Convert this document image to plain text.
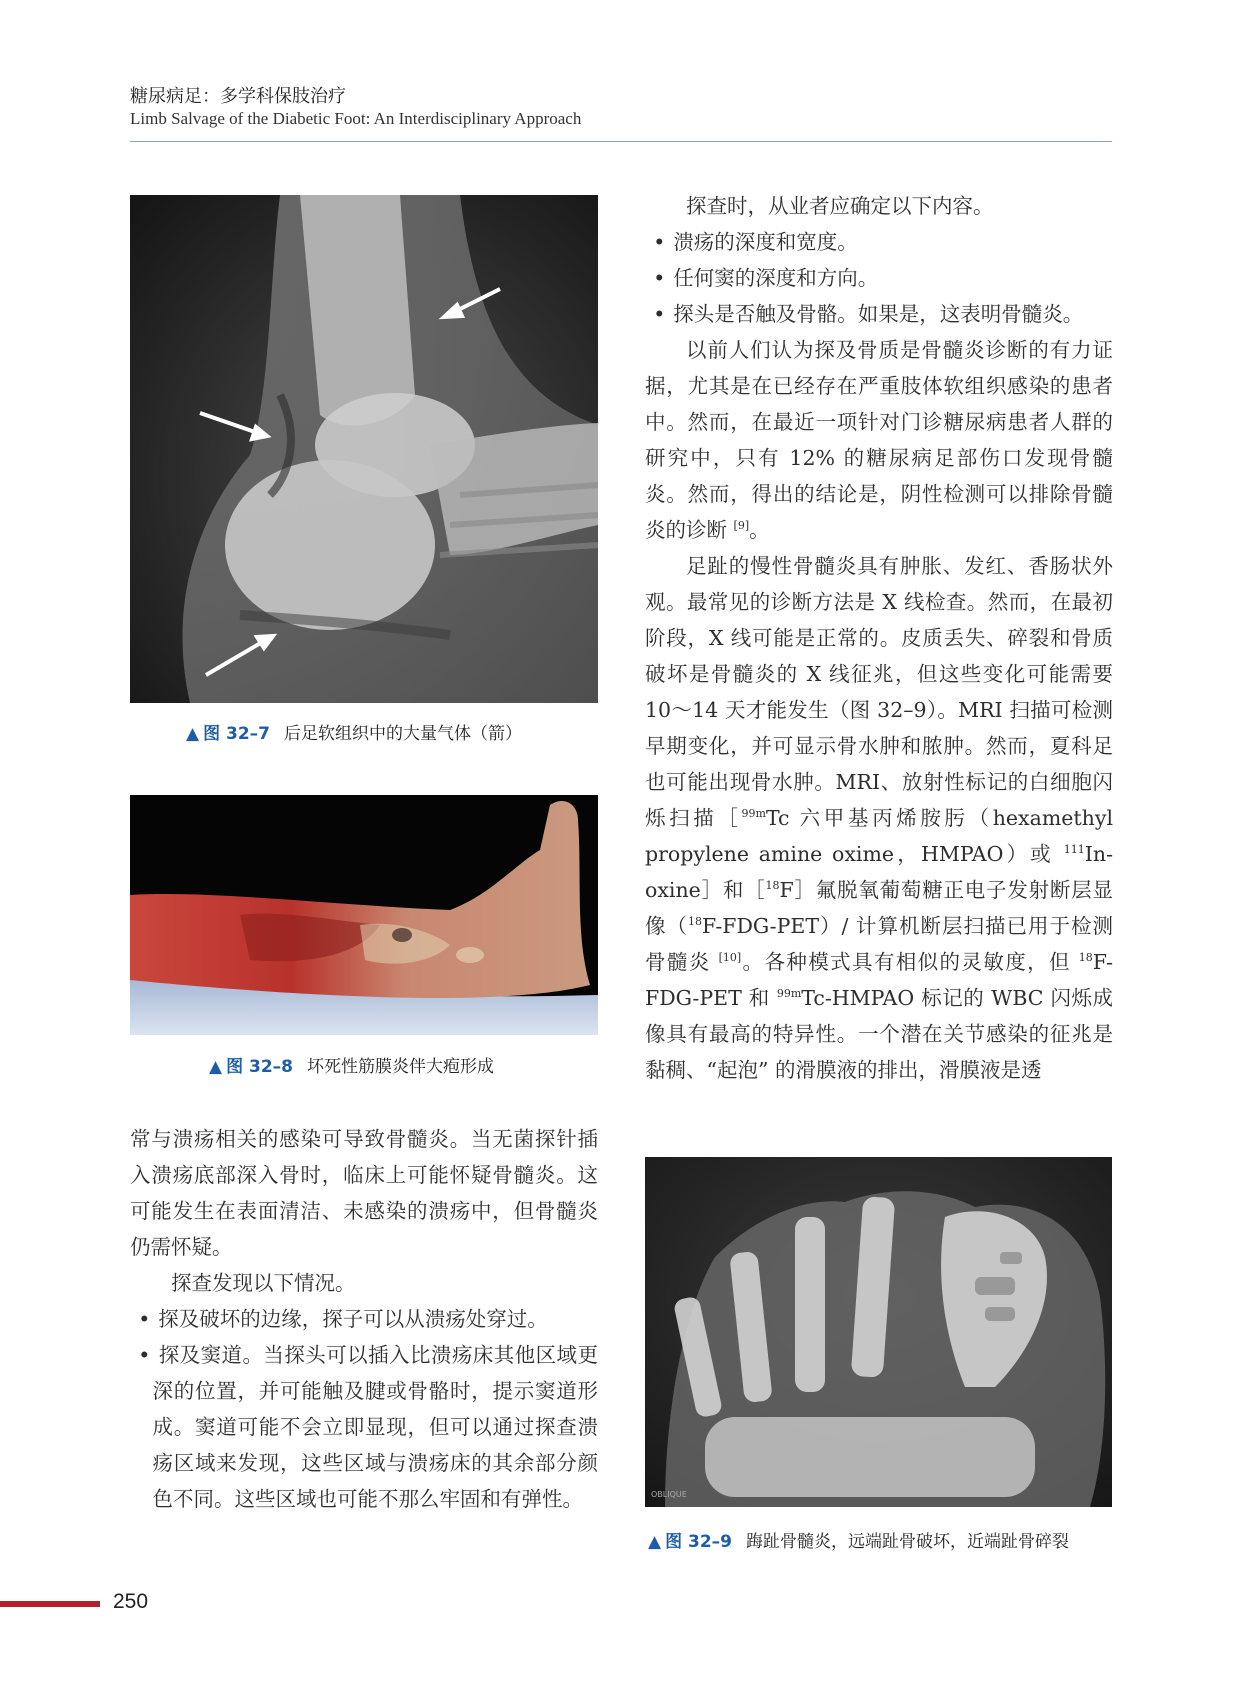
糖尿病足：多学科保肢治疗
Limb Salvage of the Diabetic Foot: An Interdisciplinary Approach
▲ 图 32–7 后足软组织中的大量气体（箭）
▲ 图 32–8 坏死性筋膜炎伴大疱形成
OBLIQUE
▲ 图 32–9 踇趾骨髓炎，远端趾骨破坏，近端趾骨碎裂

探查时，从业者应确定以下内容。

• 溃疡的深度和宽度。

• 任何窦的深度和方向。

• 探头是否触及骨骼。如果是，这表明骨髓炎。

以前人们认为探及骨质是骨髓炎诊断的有力证据，尤其是在已经存在严重肢体软组织感染的患者中。然而，在最近一项针对门诊糖尿病患者人群的研究中，只有 12% 的糖尿病足部伤口发现骨髓炎。然而，得出的结论是，阴性检测可以排除骨髓炎的诊断 [9]。

足趾的慢性骨髓炎具有肿胀、发红、香肠状外观。最常见的诊断方法是 X 线检查。然而，在最初阶段，X 线可能是正常的。皮质丢失、碎裂和骨质破坏是骨髓炎的 X 线征兆，但这些变化可能需要 10～14 天才能发生（图 32–9）。MRI 扫描可检测早期变化，并可显示骨水肿和脓肿。然而，夏科足也可能出现骨水肿。MRI、放射性标记的白细胞闪烁扫描［$^{99m}$Tc 六甲基丙烯胺肟（hexamethyl propylene amine oxime，HMPAO）或 $^{111}$In-oxine］和［$^{18}$F］氟脱氧葡萄糖正电子发射断层显像（$^{18}$F-FDG-PET）/ 计算机断层扫描已用于检测骨髓炎 [10]。各种模式具有相似的灵敏度，但 $^{18}$F-FDG-PET 和 $^{99m}$Tc-HMPAO 标记的 WBC 闪烁成像具有最高的特异性。一个潜在关节感染的征兆是黏稠、“起泡” 的滑膜液的排出，滑膜液是透

常与溃疡相关的感染可导致骨髓炎。当无菌探针插入溃疡底部深入骨时，临床上可能怀疑骨髓炎。这可能发生在表面清洁、未感染的溃疡中，但骨髓炎仍需怀疑。

探查发现以下情况。

• 探及破坏的边缘，探子可以从溃疡处穿过。

• 探及窦道。当探头可以插入比溃疡床其他区域更深的位置，并可能触及腱或骨骼时，提示窦道形成。窦道可能不会立即显现，但可以通过探查溃疡区域来发现，这些区域与溃疡床的其余部分颜色不同。这些区域也可能不那么牢固和有弹性。

250
